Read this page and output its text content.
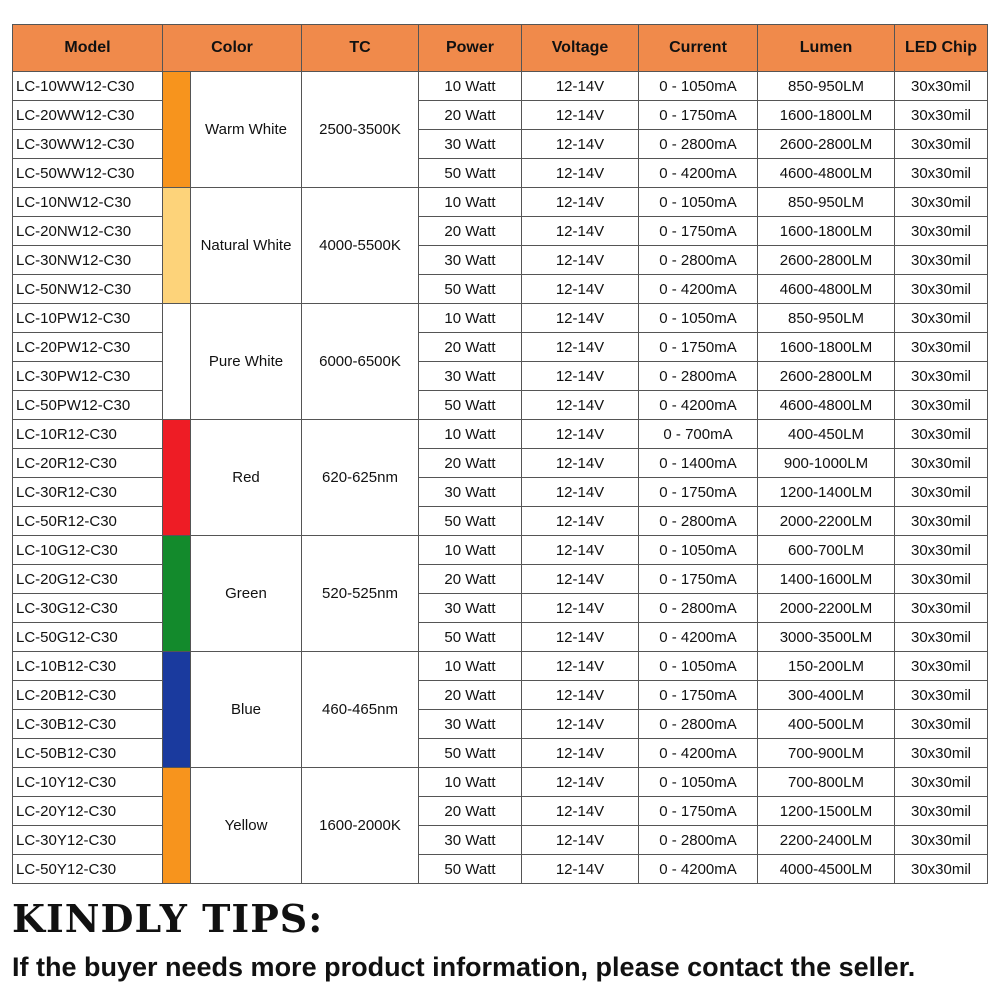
Model	Color		TC	Power	Voltage	Current	Lumen	LED Chip
LC-10WW12-C30		Warm White	2500-3500K	10 Watt	12-14V	0 - 1050mA	850-950LM	30x30mil
LC-20WW12-C30				20 Watt	12-14V	0 - 1750mA	1600-1800LM	30x30mil
LC-30WW12-C30				30 Watt	12-14V	0 - 2800mA	2600-2800LM	30x30mil
LC-50WW12-C30				50 Watt	12-14V	0 - 4200mA	4600-4800LM	30x30mil
LC-10NW12-C30		Natural White	4000-5500K	10 Watt	12-14V	0 - 1050mA	850-950LM	30x30mil
LC-20NW12-C30				20 Watt	12-14V	0 - 1750mA	1600-1800LM	30x30mil
LC-30NW12-C30				30 Watt	12-14V	0 - 2800mA	2600-2800LM	30x30mil
LC-50NW12-C30				50 Watt	12-14V	0 - 4200mA	4600-4800LM	30x30mil
LC-10PW12-C30		Pure White	6000-6500K	10 Watt	12-14V	0 - 1050mA	850-950LM	30x30mil
LC-20PW12-C30				20 Watt	12-14V	0 - 1750mA	1600-1800LM	30x30mil
LC-30PW12-C30				30 Watt	12-14V	0 - 2800mA	2600-2800LM	30x30mil
LC-50PW12-C30				50 Watt	12-14V	0 - 4200mA	4600-4800LM	30x30mil
LC-10R12-C30		Red	620-625nm	10 Watt	12-14V	0 - 700mA	400-450LM	30x30mil
LC-20R12-C30				20 Watt	12-14V	0 - 1400mA	900-1000LM	30x30mil
LC-30R12-C30				30 Watt	12-14V	0 - 1750mA	1200-1400LM	30x30mil
LC-50R12-C30				50 Watt	12-14V	0 - 2800mA	2000-2200LM	30x30mil
LC-10G12-C30		Green	520-525nm	10 Watt	12-14V	0 - 1050mA	600-700LM	30x30mil
LC-20G12-C30				20 Watt	12-14V	0 - 1750mA	1400-1600LM	30x30mil
LC-30G12-C30				30 Watt	12-14V	0 - 2800mA	2000-2200LM	30x30mil
LC-50G12-C30				50 Watt	12-14V	0 - 4200mA	3000-3500LM	30x30mil
LC-10B12-C30		Blue	460-465nm	10 Watt	12-14V	0 - 1050mA	150-200LM	30x30mil
LC-20B12-C30				20 Watt	12-14V	0 - 1750mA	300-400LM	30x30mil
LC-30B12-C30				30 Watt	12-14V	0 - 2800mA	400-500LM	30x30mil
LC-50B12-C30				50 Watt	12-14V	0 - 4200mA	700-900LM	30x30mil
LC-10Y12-C30		Yellow	1600-2000K	10 Watt	12-14V	0 - 1050mA	700-800LM	30x30mil
LC-20Y12-C30				20 Watt	12-14V	0 - 1750mA	1200-1500LM	30x30mil
LC-30Y12-C30				30 Watt	12-14V	0 - 2800mA	2200-2400LM	30x30mil
LC-50Y12-C30				50 Watt	12-14V	0 - 4200mA	4000-4500LM	30x30mil
KINDLY TIPS:

If the buyer needs more product information, please contact the seller.
